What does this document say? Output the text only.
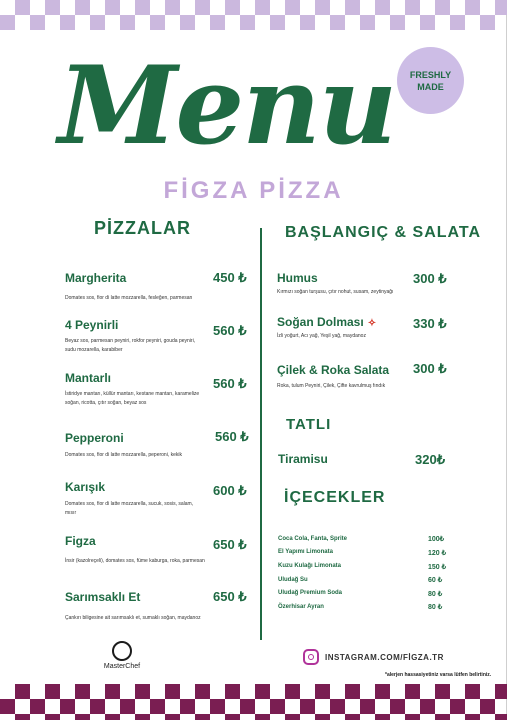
Menu	FRESHLY
MADE
FİGZA PİZZA
PİZZALAR
Margherita	450 ₺
Domates sos, fior di latte mozzarella, fesleğen, parmesan
4 Peynirli	560 ₺
Beyaz sos, parmesan peyniri, rokfor peyniri, gouda peyniri, sudu mozarella, karabiber
Mantarlı	560 ₺
İstiridye mantarı, küllür mantarı, kestane mantarı, karamelize soğan, ricotta, çıtır soğan, beyaz sos
Pepperoni	560 ₺
Domates sos, fior di latte mozzarella, peperoni, kekik
Karışık	600 ₺
Domates sos, fior di latte mozzarella, sucuk, sosis, salam, mısır
Figza	650 ₺
İnsir (kazolreçeli), domates sos, füme kaburga, roka, parmesan
Sarımsaklı Et	650 ₺
Çankırı biligesine ait sarımsaklı et, sumaklı soğan, maydanoz
BAŞLANGIÇ & SALATA
Humus	300 ₺
Kırmızı soğan turşusu, çıtır nohut, susam, zeytinyağı
Soğan Dolması ✧	330 ₺
İzli yoğurt, Acı yağ, Yeşil yağ, maydanoz
Çilek & Roka Salata 300 ₺
Roka, tulum Peyniri, Çilek, Çifte kavrulmuş fındık
TATLI
Tiramisu	320₺
İÇECEKLER
Coca Cola, Fanta, Sprite	100₺
El Yapımı Limonata	120 ₺
Kuzu Kulağı Limonata	150 ₺
Uludağ Su	60 ₺
Uludağ Premium Soda	80 ₺
Özerhisar Ayran	80 ₺
MasterChef
INSTAGRAM.COM/FİGZA.TR
*alerjen hassasiyetiniz varsa lütfen belirtiniz.
